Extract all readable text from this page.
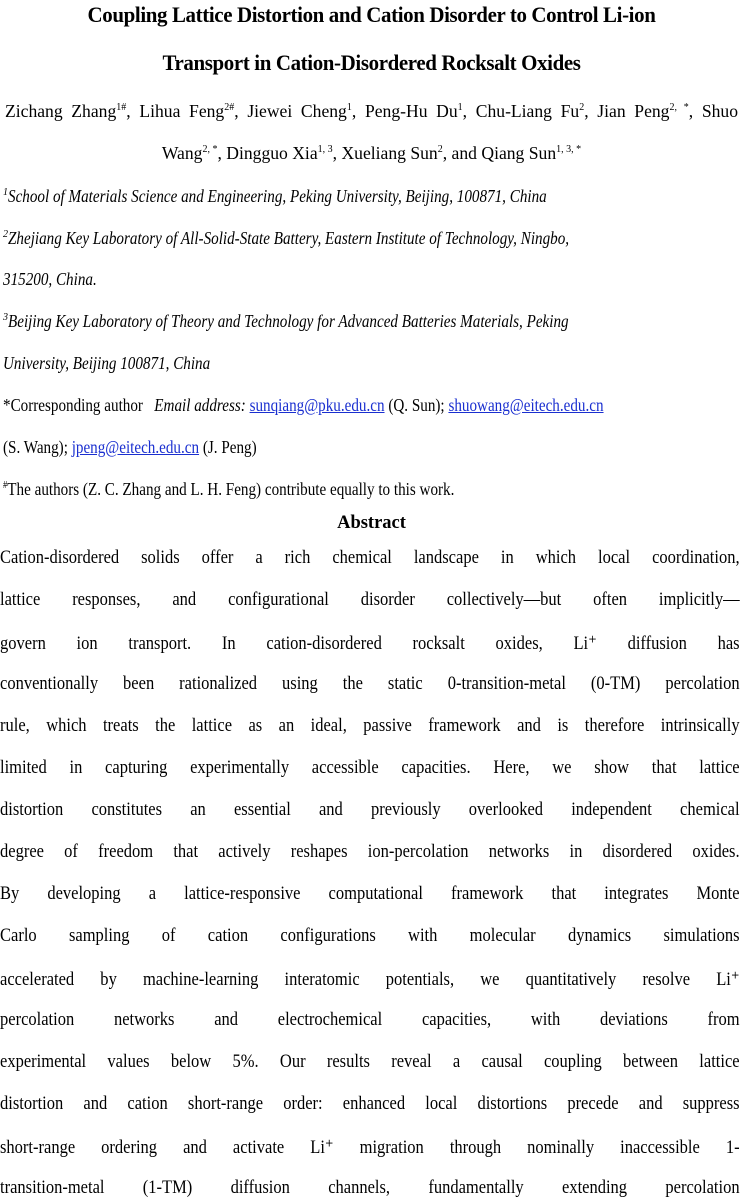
Coupling Lattice Distortion and Cation Disorder to Control Li-ion
Transport in Cation-Disordered Rocksalt Oxides
Zichang Zhang$^{1\#}$, Lihua Feng$^{2\#}$, Jiewei Cheng$^1$, Peng-Hu Du$^1$, Chu-Liang Fu$^2$, Jian Peng$^{2, *}$, Shuo
Wang$^{2, *}$, Dingguo Xia$^{1, 3}$, Xueliang Sun$^2$, and Qiang Sun$^{1, 3, *}$
$^1$School of Materials Science and Engineering, Peking University, Beijing, 100871, China
$^2$Zhejiang Key Laboratory of All-Solid-State Battery, Eastern Institute of Technology, Ningbo,
315200, China.
$^3$Beijing Key Laboratory of Theory and Technology for Advanced Batteries Materials, Peking
University, Beijing 100871, China
*Corresponding author Email address: sunqiang@pku.edu.cn (Q. Sun); shuowang@eitech.edu.cn
(S. Wang); jpeng@eitech.edu.cn (J. Peng)
#The authors (Z. C. Zhang and L. H. Feng) contribute equally to this work.
Abstract
Cation-disordered solids offer a rich chemical landscape in which local coordination,
lattice responses, and configurational disorder collectively—but often implicitly—
govern ion transport. In cation-disordered rocksalt oxides, Li⁺ diffusion has
conventionally been rationalized using the static 0-transition-metal (0-TM) percolation
rule, which treats the lattice as an ideal, passive framework and is therefore intrinsically
limited in capturing experimentally accessible capacities. Here, we show that lattice
distortion constitutes an essential and previously overlooked independent chemical
degree of freedom that actively reshapes ion-percolation networks in disordered oxides.
By developing a lattice-responsive computational framework that integrates Monte
Carlo sampling of cation configurations with molecular dynamics simulations
accelerated by machine-learning interatomic potentials, we quantitatively resolve Li⁺
percolation networks and electrochemical capacities, with deviations from
experimental values below 5%. Our results reveal a causal coupling between lattice
distortion and cation short-range order: enhanced local distortions precede and suppress
short-range ordering and activate Li⁺ migration through nominally inaccessible 1-
transition-metal (1-TM) diffusion channels, fundamentally extending percolation
